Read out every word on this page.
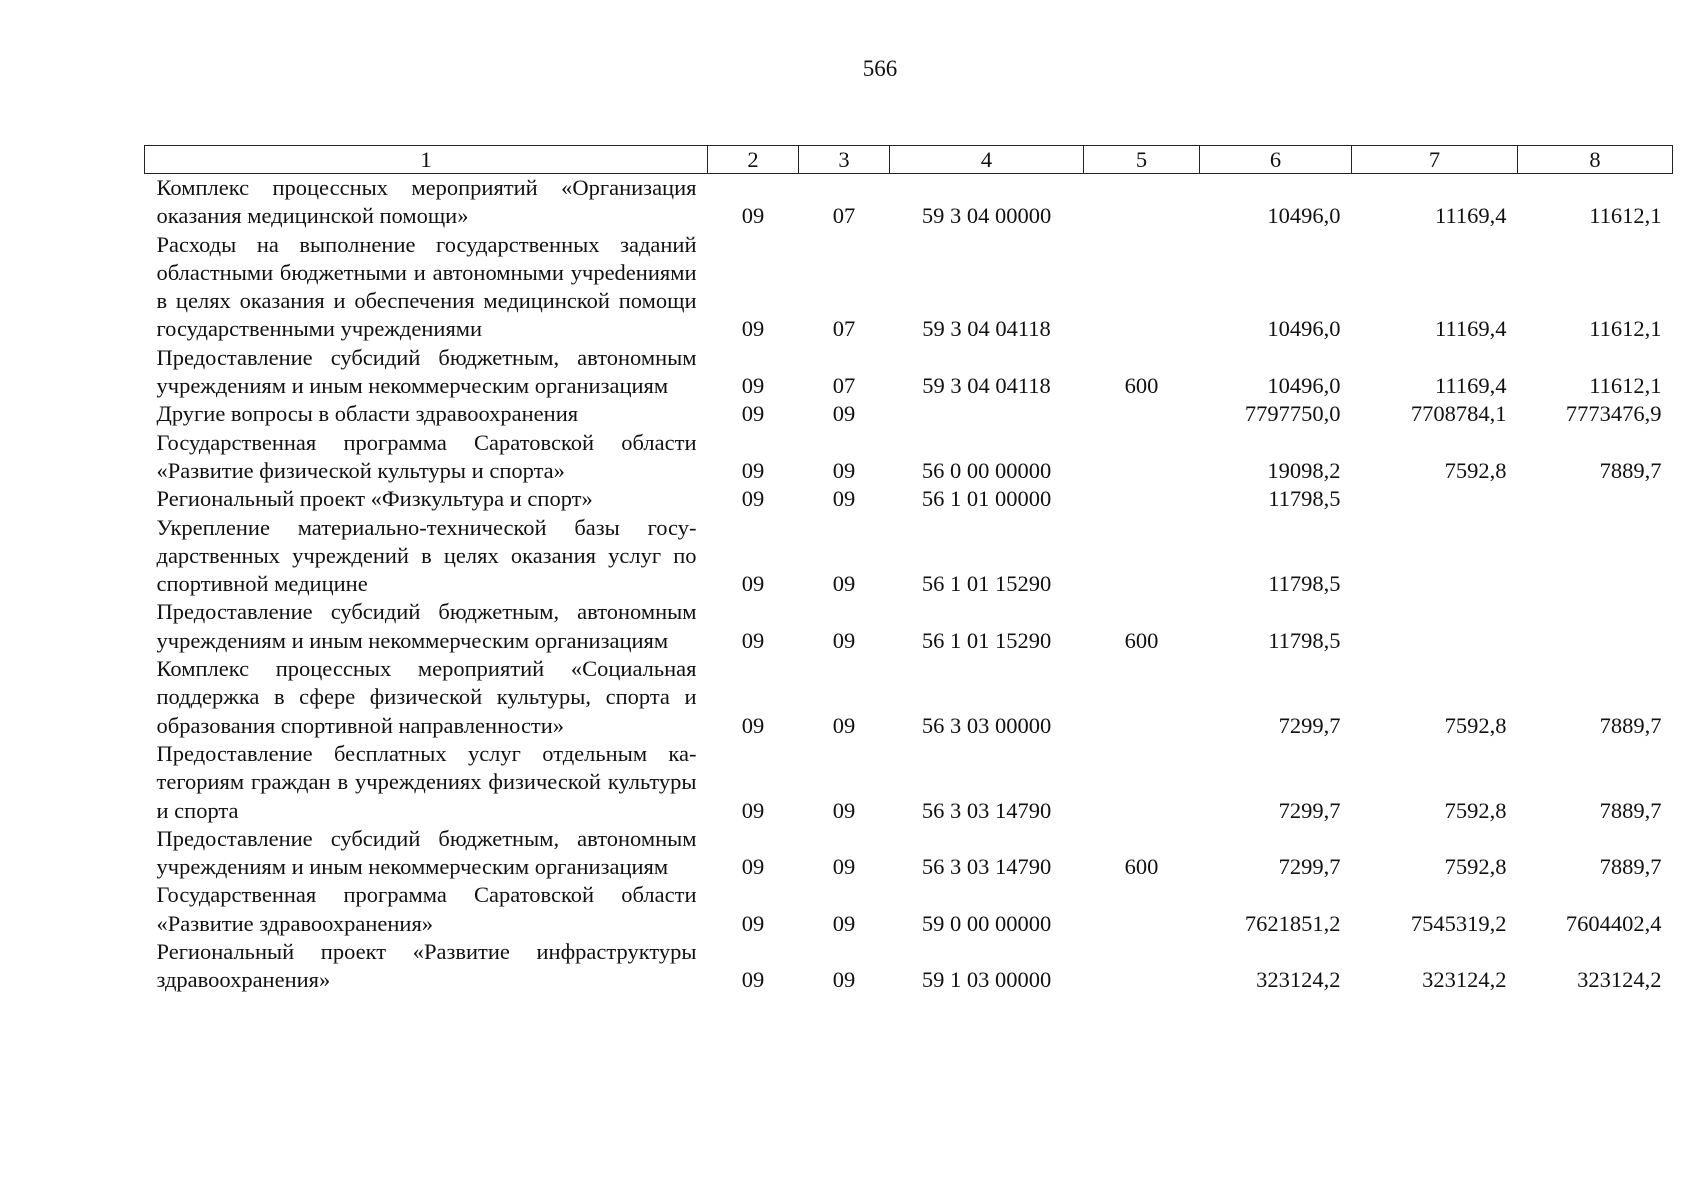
566
1	2	3	4	5	6	7	8
Комплекс процессных мероприятий «Организация оказания медицинской помощи»	09	07	59 3 04 00000		10496,0	11169,4	11612,1
Расходы на выполнение государственных заданий областными бюджетными и автономными учреdениями в целях оказания и обеспечения медицинской помощи государственными учреждениями	09	07	59 3 04 04118		10496,0	11169,4	11612,1
Предоставление субсидий бюджетным, автономным учреждениям и иным некоммерческим организациям	09	07	59 3 04 04118	600	10496,0	11169,4	11612,1
Другие вопросы в области здравоохранения	09	09			7797750,0	7708784,1	7773476,9
Государственная программа Саратовской области «Развитие физической культуры и спорта»	09	09	56 0 00 00000		19098,2	7592,8	7889,7
Региональный проект «Физкультура и спорт»	09	09	56 1 01 00000		11798,5		
Укрепление материально-технической базы государственных учреждений в целях оказания услуг по спортивной медицине	09	09	56 1 01 15290		11798,5		
Предоставление субсидий бюджетным, автономным учреждениям и иным некоммерческим организациям	09	09	56 1 01 15290	600	11798,5		
Комплекс процессных мероприятий «Социальная поддержка в сфере физической культуры, спорта и образования спортивной направленности»	09	09	56 3 03 00000		7299,7	7592,8	7889,7
Предоставление бесплатных услуг отдельным категориям граждан в учреждениях физической культуры и спорта	09	09	56 3 03 14790		7299,7	7592,8	7889,7
Предоставление субсидий бюджетным, автономным учреждениям и иным некоммерческим организациям	09	09	56 3 03 14790	600	7299,7	7592,8	7889,7
Государственная программа Саратовской области «Развитие здравоохранения»	09	09	59 0 00 00000		7621851,2	7545319,2	7604402,4
Региональный проект «Развитие инфраструктуры здравоохранения»	09	09	59 1 03 00000		323124,2	323124,2	323124,2
